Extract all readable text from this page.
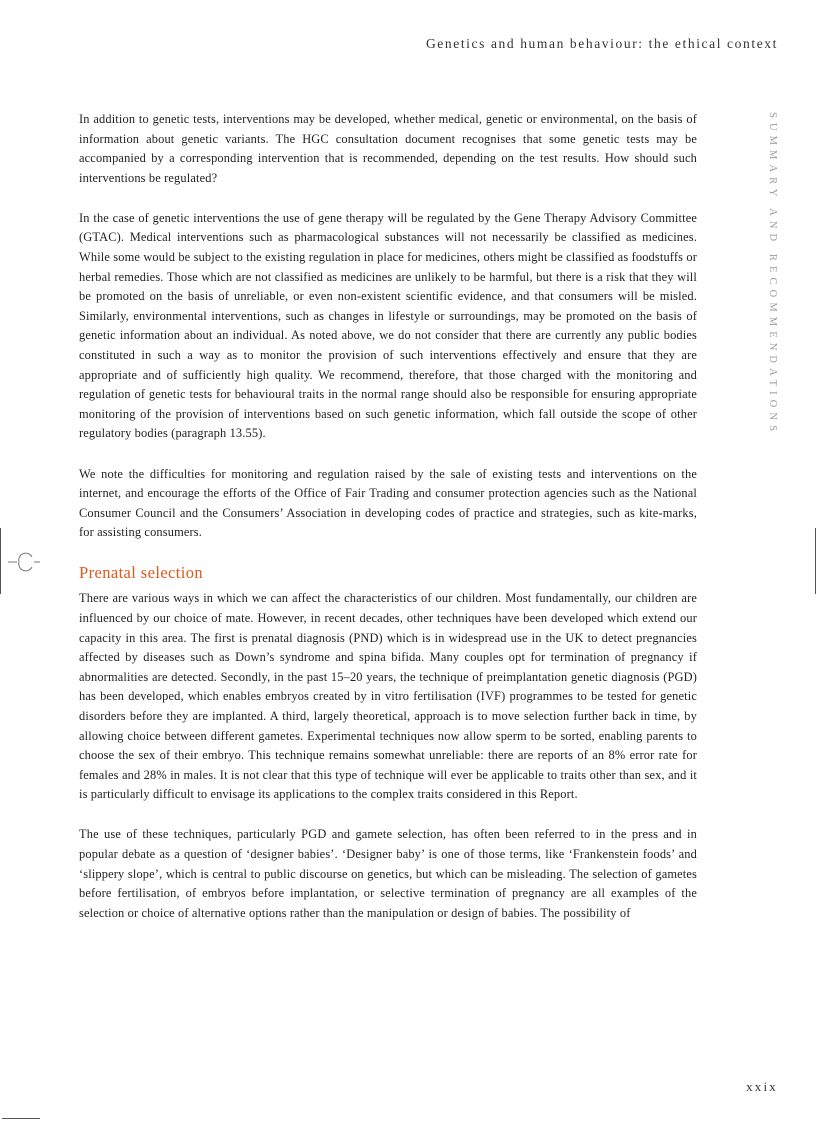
Genetics and human behaviour: the ethical context
SUMMARY AND RECOMMENDATIONS

In addition to genetic tests, interventions may be developed, whether medical, genetic or environmental, on the basis of information about genetic variants. The HGC consultation document recognises that some genetic tests may be accompanied by a corresponding intervention that is recommended, depending on the test results. How should such interventions be regulated?

In the case of genetic interventions the use of gene therapy will be regulated by the Gene Therapy Advisory Committee (GTAC). Medical interventions such as pharmacological substances will not necessarily be classified as medicines. While some would be subject to the existing regulation in place for medicines, others might be classified as foodstuffs or herbal remedies. Those which are not classified as medicines are unlikely to be harmful, but there is a risk that they will be promoted on the basis of unreliable, or even non-existent scientific evidence, and that consumers will be misled. Similarly, environmental interventions, such as changes in lifestyle or surroundings, may be promoted on the basis of genetic information about an individual. As noted above, we do not consider that there are currently any public bodies constituted in such a way as to monitor the provision of such interventions effectively and ensure that they are appropriate and of sufficiently high quality. We recommend, therefore, that those charged with the monitoring and regulation of genetic tests for behavioural traits in the normal range should also be responsible for ensuring appropriate monitoring of the provision of interventions based on such genetic information, which fall outside the scope of other regulatory bodies (paragraph 13.55).

We note the difficulties for monitoring and regulation raised by the sale of existing tests and interventions on the internet, and encourage the efforts of the Office of Fair Trading and consumer protection agencies such as the National Consumer Council and the Consumers’ Association in developing codes of practice and strategies, such as kite-marks, for assisting consumers.

Prenatal selection

There are various ways in which we can affect the characteristics of our children. Most fundamentally, our children are influenced by our choice of mate. However, in recent decades, other techniques have been developed which extend our capacity in this area. The first is prenatal diagnosis (PND) which is in widespread use in the UK to detect pregnancies affected by diseases such as Down’s syndrome and spina bifida. Many couples opt for termination of pregnancy if abnormalities are detected. Secondly, in the past 15–20 years, the technique of preimplantation genetic diagnosis (PGD) has been developed, which enables embryos created by in vitro fertilisation (IVF) programmes to be tested for genetic disorders before they are implanted. A third, largely theoretical, approach is to move selection further back in time, by allowing choice between different gametes. Experimental techniques now allow sperm to be sorted, enabling parents to choose the sex of their embryo. This technique remains somewhat unreliable: there are reports of an 8% error rate for females and 28% in males. It is not clear that this type of technique will ever be applicable to traits other than sex, and it is particularly difficult to envisage its applications to the complex traits considered in this Report.

The use of these techniques, particularly PGD and gamete selection, has often been referred to in the press and in popular debate as a question of ‘designer babies’. ‘Designer baby’ is one of those terms, like ‘Frankenstein foods’ and ‘slippery slope’, which is central to public discourse on genetics, but which can be misleading. The selection of gametes before fertilisation, of embryos before implantation, or selective termination of pregnancy are all examples of the selection or choice of alternative options rather than the manipulation or design of babies. The possibility of

xxix
